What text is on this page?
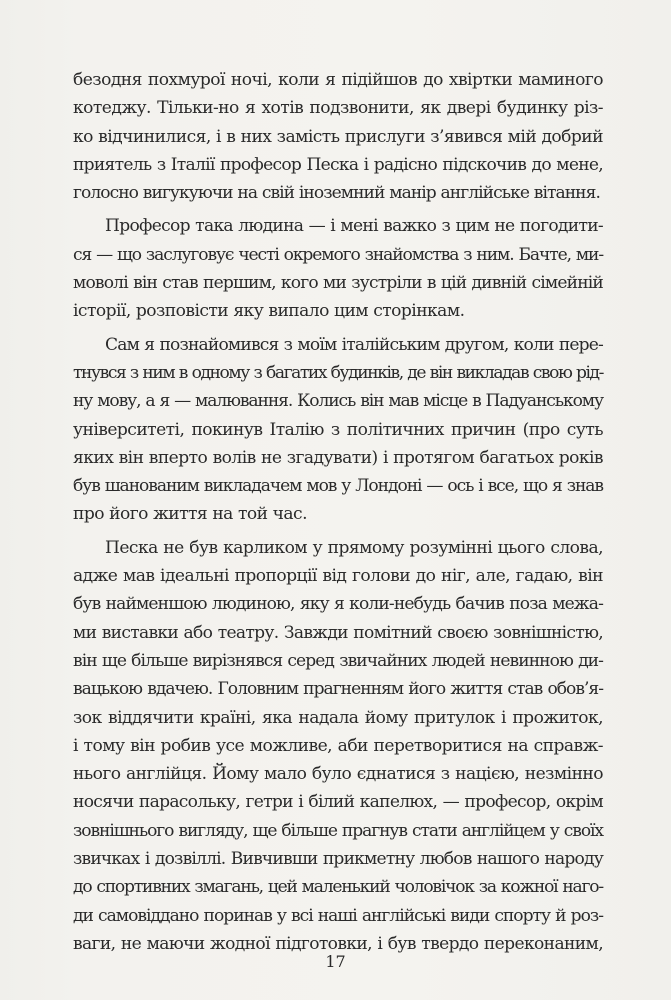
безодня похмурої ночі, коли я підійшов до хвіртки маминого
котеджу. Тільки-но я хотів подзвонити, як двері будинку різ-
ко відчинилися, і в них замість прислуги з’явився мій добрий
приятель з Італії професор Песка і радісно підскочив до мене,
голосно вигукуючи на свій іноземний манір англійське вітання.
Професор така людина — і мені важко з цим не погодити-
ся — що заслуговує честі окремого знайомства з ним. Бачте, ми-
моволі він став першим, кого ми зустріли в цій дивній сімейній
історії, розповісти яку випало цим сторінкам.
Сам я познайомився з моїм італійським другом, коли пере-
тнувся з ним в одному з багатих будинків, де він викладав свою рід-
ну мову, а я — малювання. Колись він мав місце в Падуанському
університеті, покинув Італію з політичних причин (про суть
яких він вперто волів не згадувати) і протягом багатьох років
був шанованим викладачем мов у Лондоні — ось і все, що я знав
про його життя на той час.
Песка не був карликом у прямому розумінні цього слова,
адже мав ідеальні пропорції від голови до ніг, але, гадаю, він
був найменшою людиною, яку я коли-небудь бачив поза межа-
ми виставки або театру. Завжди помітний своєю зовнішністю,
він ще більше вирізнявся серед звичайних людей невинною ди-
вацькою вдачею. Головним прагненням його життя став обов’я-
зок віддячити країні, яка надала йому притулок і прожиток,
і тому він робив усе можливе, аби перетворитися на справж-
нього англійця. Йому мало було єднатися з нацією, незмінно
носячи парасольку, гетри і білий капелюх, — професор, окрім
зовнішнього вигляду, ще більше прагнув стати англійцем у своїх
звичках і дозвіллі. Вивчивши прикметну любов нашого народу
до спортивних змагань, цей маленький чоловічок за кожної наго-
ди самовіддано поринав у всі наші англійські види спорту й роз-
ваги, не маючи жодної підготовки, і був твердо переконаним,
17
